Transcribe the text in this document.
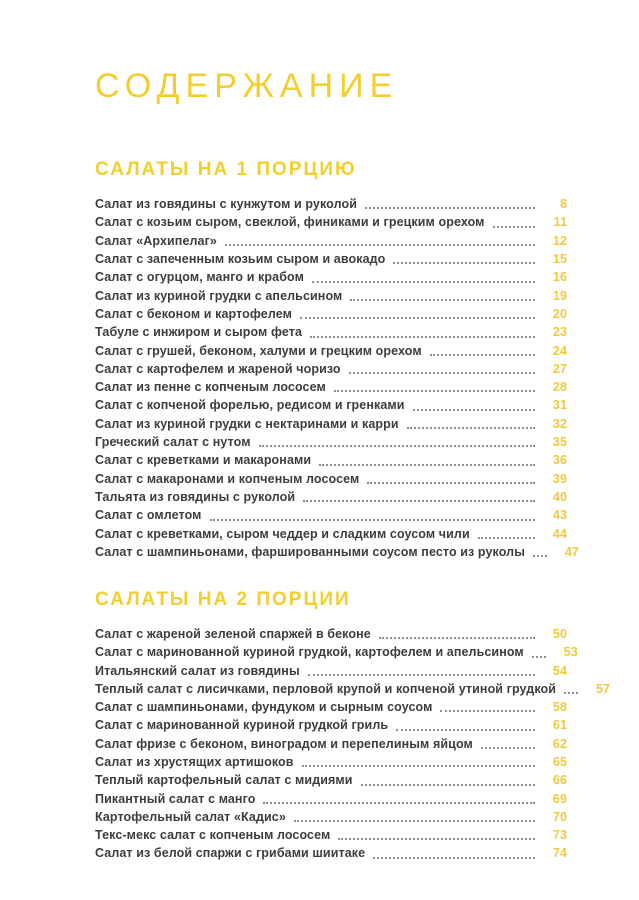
СОДЕРЖАНИЕ
САЛАТЫ НА 1 ПОРЦИЮ
Салат из говядины с кунжутом и руколой	8
Салат с козьим сыром, свеклой, финиками и грецким орехом	11
Салат «Архипелаг»	12
Салат с запеченным козьим сыром и авокадо	15
Салат с огурцом, манго и крабом	16
Салат из куриной грудки с апельсином	19
Салат с беконом и картофелем	20
Табуле с инжиром и сыром фета	23
Салат с грушей, беконом, халуми и грецким орехом	24
Салат с картофелем и жареной чоризо	27
Салат из пенне с копченым лососем	28
Салат с копченой форелью, редисом и гренками	31
Салат из куриной грудки с нектаринами и карри	32
Греческий салат с нутом	35
Салат с креветками и макаронами	36
Салат с макаронами и копченым лососем	39
Тальята из говядины с руколой	40
Салат с омлетом	43
Салат с креветками, сыром чеддер и сладким соусом чили	44
Салат с шампиньонами, фаршированными соусом песто из руколы	47
САЛАТЫ НА 2 ПОРЦИИ
Салат с жареной зеленой спаржей в беконе	50
Салат с маринованной куриной грудкой, картофелем и апельсином	53
Итальянский салат из говядины	54
Теплый салат с лисичками, перловой крупой и копченой утиной грудкой	57
Салат с шампиньонами, фундуком и сырным соусом	58
Салат с маринованной куриной грудкой гриль	61
Салат фризе с беконом, виноградом и перепелиным яйцом	62
Салат из хрустящих артишоков	65
Теплый картофельный салат с мидиями	66
Пикантный салат с манго	69
Картофельный салат «Кадис»	70
Текс-мекс салат с копченым лососем	73
Салат из белой спаржи с грибами шиитаке	74
